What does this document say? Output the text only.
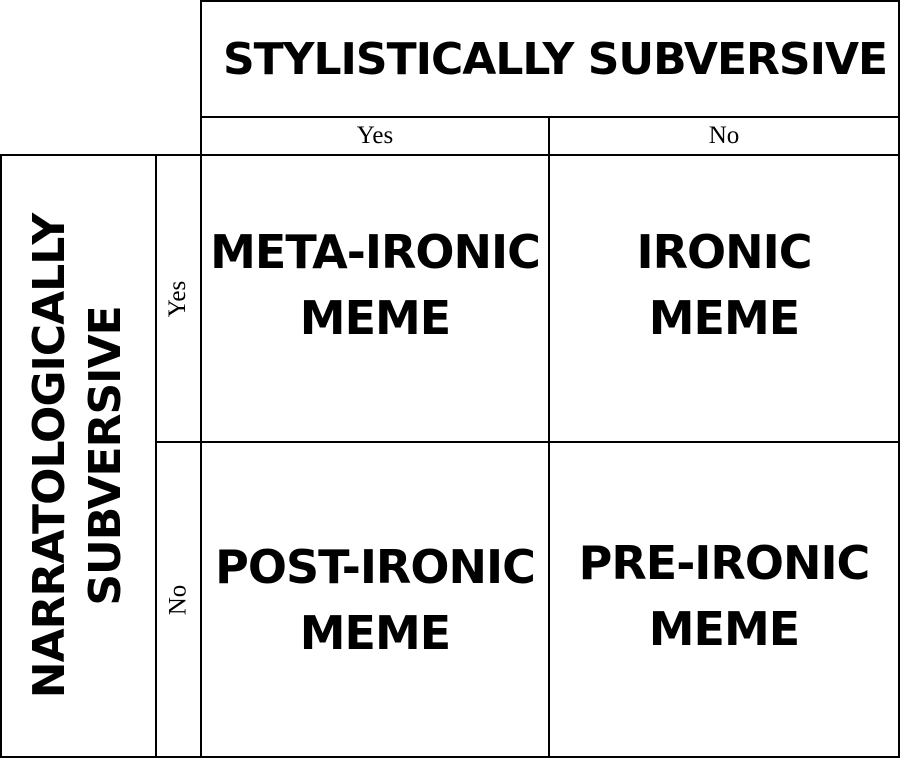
STYLISTICALLY SUBVERSIVE
Yes	No
NARRATOLOGICALLY SUBVERSIVE
Yes
No
META-IRONIC
MEME
IRONIC
MEME
POST-IRONIC
MEME
PRE-IRONIC
MEME
